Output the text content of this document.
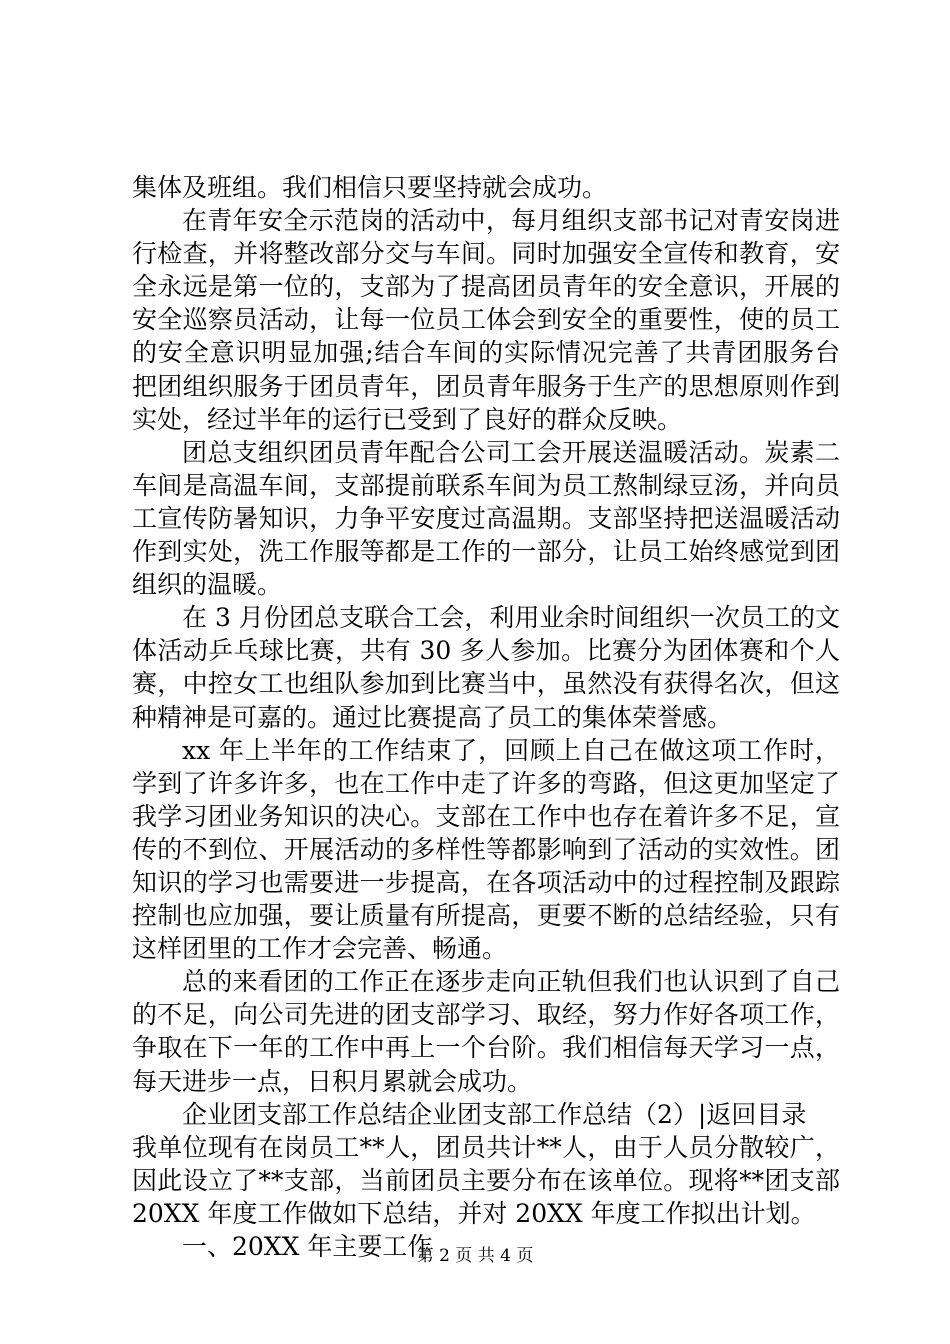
集体及班组。我们相信只要坚持就会成功。

在青年安全示范岗的活动中，每月组织支部书记对青安岗进行检查，并将整改部分交与车间。同时加强安全宣传和教育，安全永远是第一位的，支部为了提高团员青年的安全意识，开展的安全巡察员活动，让每一位员工体会到安全的重要性，使的员工的安全意识明显加强;结合车间的实际情况完善了共青团服务台把团组织服务于团员青年，团员青年服务于生产的思想原则作到实处，经过半年的运行已受到了良好的群众反映。

团总支组织团员青年配合公司工会开展送温暖活动。炭素二车间是高温车间，支部提前联系车间为员工熬制绿豆汤，并向员工宣传防暑知识，力争平安度过高温期。支部坚持把送温暖活动作到实处，洗工作服等都是工作的一部分，让员工始终感觉到团组织的温暖。

在 3 月份团总支联合工会，利用业余时间组织一次员工的文体活动乒乓球比赛，共有 30 多人参加。比赛分为团体赛和个人赛，中控女工也组队参加到比赛当中，虽然没有获得名次，但这种精神是可嘉的。通过比赛提高了员工的集体荣誉感。

xx 年上半年的工作结束了，回顾上自己在做这项工作时，学到了许多许多，也在工作中走了许多的弯路，但这更加坚定了我学习团业务知识的决心。支部在工作中也存在着许多不足，宣传的不到位、开展活动的多样性等都影响到了活动的实效性。团知识的学习也需要进一步提高，在各项活动中的过程控制及跟踪控制也应加强，要让质量有所提高，更要不断的总结经验，只有这样团里的工作才会完善、畅通。

总的来看团的工作正在逐步走向正轨但我们也认识到了自己的不足，向公司先进的团支部学习、取经，努力作好各项工作，争取在下一年的工作中再上一个台阶。我们相信每天学习一点，每天进步一点，日积月累就会成功。

企业团支部工作总结企业团支部工作总结（2）|返回目录

我单位现有在岗员工**人，团员共计**人，由于人员分散较广，因此设立了**支部，当前团员主要分布在该单位。现将**团支部 20XX 年度工作做如下总结，并对 20XX 年度工作拟出计划。

一、20XX 年主要工作

第 2 页 共 4 页
